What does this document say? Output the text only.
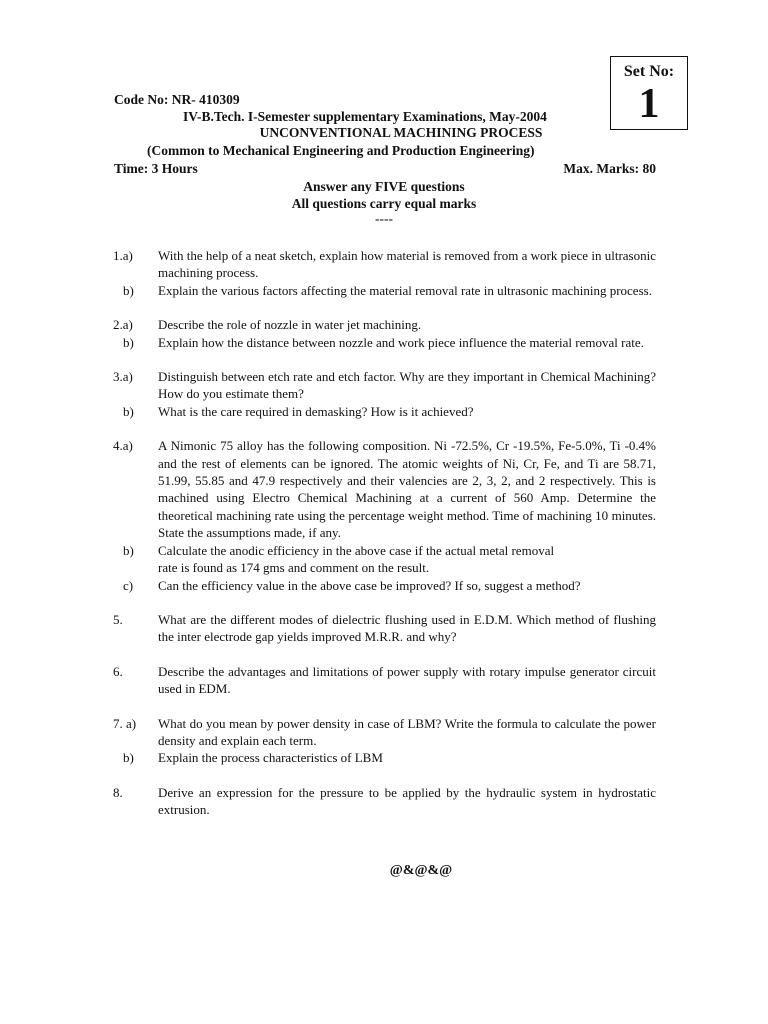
Set No:
1
Code No: NR- 410309
IV-B.Tech. I-Semester supplementary Examinations, May-2004
UNCONVENTIONAL MACHINING PROCESS
(Common to Mechanical Engineering and Production Engineering)
Time: 3 Hours	Max. Marks: 80
Answer any FIVE questions
All questions carry equal marks
----
1.a)	With the help of a neat sketch, explain how material is removed from a work piece in ultrasonic machining process.
b)	Explain the various factors affecting the material removal rate in ultrasonic machining process.
2.a)	Describe the role of nozzle in water jet machining.
b)	Explain how the distance between nozzle and work piece influence the material removal rate.
3.a)	Distinguish between etch rate and etch factor. Why are they important in Chemical Machining? How do you estimate them?
b)	What is the care required in demasking? How is it achieved?
4.a)	A Nimonic 75 alloy has the following composition. Ni -72.5%, Cr -19.5%, Fe-5.0%, Ti -0.4% and the rest of elements can be ignored. The atomic weights of Ni, Cr, Fe, and Ti are 58.71, 51.99, 55.85 and 47.9 respectively and their valencies are 2, 3, 2, and 2 respectively. This is machined using Electro Chemical Machining at a current of 560 Amp. Determine the theoretical machining rate using the percentage weight method. Time of machining 10 minutes. State the assumptions made, if any.
b)	Calculate the anodic efficiency in the above case if the actual metal removal rate is found as 174 gms and comment on the result.
c)	Can the efficiency value in the above case be improved? If so, suggest a method?
5.	What are the different modes of dielectric flushing used in E.D.M. Which method of flushing the inter electrode gap yields improved M.R.R. and why?
6.	Describe the advantages and limitations of power supply with rotary impulse generator circuit used in EDM.
7. a)	What do you mean by power density in case of LBM? Write the formula to calculate the power density and explain each term.
b)	Explain the process characteristics of LBM
8.	Derive an expression for the pressure to be applied by the hydraulic system in hydrostatic extrusion.
@&@&@
